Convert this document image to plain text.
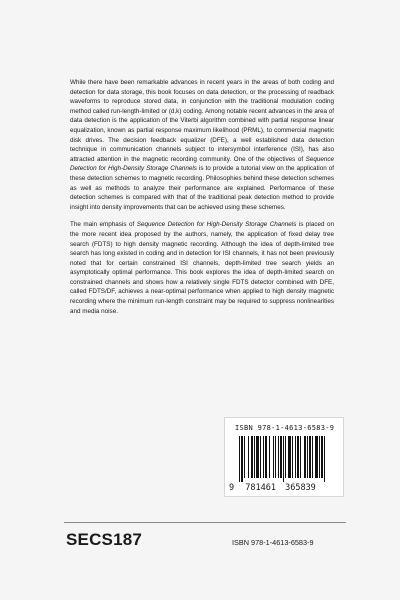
While there have been remarkable advances in recent years in the areas of both coding and detection for data storage, this book focuses on data detection, or the processing of readback waveforms to reproduce stored data, in conjunction with the traditional modulation coding method called run-length-limited or (d,k) coding. Among notable recent advances in the area of data detection is the application of the Viterbi algorithm combined with partial response linear equalization, known as partial response maximum likelihood (PRML), to commercial magnetic disk drives. The decision feedback equalizer (DFE), a well established data detection technique in communication channels subject to intersymbol interference (ISI), has also attracted attention in the magnetic recording community. One of the objectives of Sequence Detection for High-Density Storage Channels is to provide a tutorial view on the application of these detection schemes to magnetic recording. Philosophies behind these detection schemes as well as methods to analyze their performance are explained. Performance of these detection schemes is compared with that of the traditional peak detection method to provide insight into density improvements that can be achieved using these schemes.

The main emphasis of Sequence Detection for High-Density Storage Channels is placed on the more recent idea proposed by the authors, namely, the application of fixed delay tree search (FDTS) to high density magnetic recording. Although the idea of depth-limited tree search has long existed in coding and in detection for ISI channels, it has not been previously noted that for certain constrained ISI channels, depth-limited tree search yields an asymptotically optimal performance. This book explores the idea of depth-limited search on constrained channels and shows how a relatively single FDTS detector combined with DFE, called FDTS/DF, achieves a near-optimal performance when applied to high density magnetic recording where the minimum run-length constraint may be required to suppress nonlinearities and media noise.

ISBN 978-1-4613-6583-9
9 781461 365839
SECS187	ISBN 978-1-4613-6583-9
